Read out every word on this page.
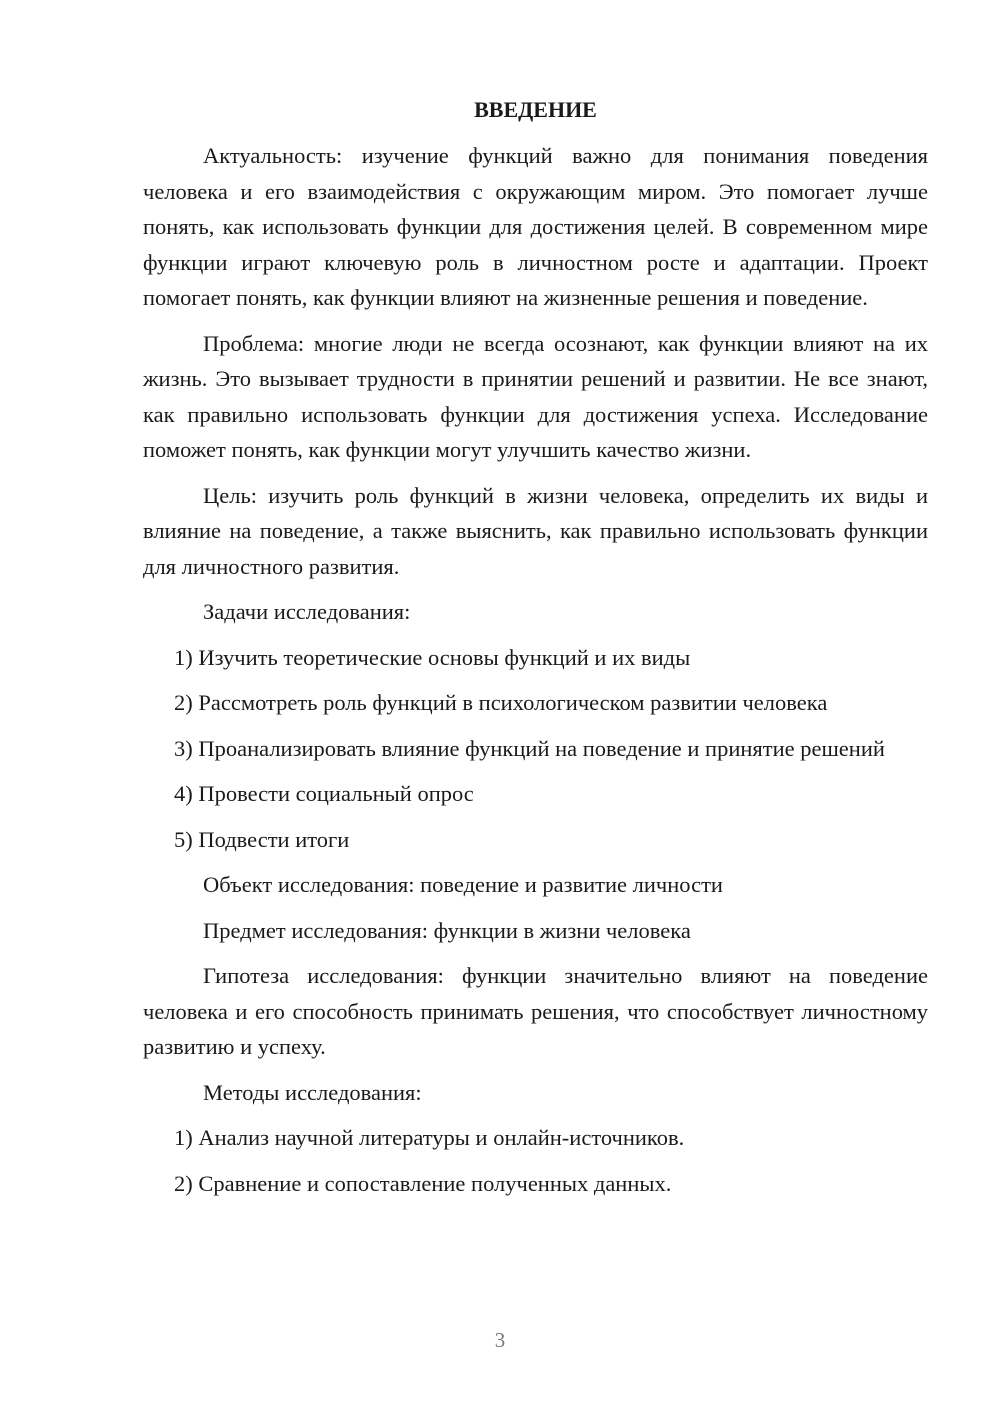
ВВЕДЕНИЕ

Актуальность: изучение функций важно для понимания поведения человека и его взаимодействия с окружающим миром. Это помогает лучше понять, как использовать функции для достижения целей. В современном мире функции играют ключевую роль в личностном росте и адаптации. Проект помогает понять, как функции влияют на жизненные решения и поведение.

Проблема: многие люди не всегда осознают, как функции влияют на их жизнь. Это вызывает трудности в принятии решений и развитии. Не все знают, как правильно использовать функции для достижения успеха. Исследование поможет понять, как функции могут улучшить качество жизни.

Цель: изучить роль функций в жизни человека, определить их виды и влияние на поведение, а также выяснить, как правильно использовать функции для личностного развития.

Задачи исследования:

1) Изучить теоретические основы функций и их виды

2) Рассмотреть роль функций в психологическом развитии человека

3) Проанализировать влияние функций на поведение и принятие решений

4) Провести социальный опрос

5) Подвести итоги

Объект исследования: поведение и развитие личности

Предмет исследования: функции в жизни человека

Гипотеза исследования: функции значительно влияют на поведение человека и его способность принимать решения, что способствует личностному развитию и успеху.

Методы исследования:

1) Анализ научной литературы и онлайн-источников.

2) Сравнение и сопоставление полученных данных.

3
